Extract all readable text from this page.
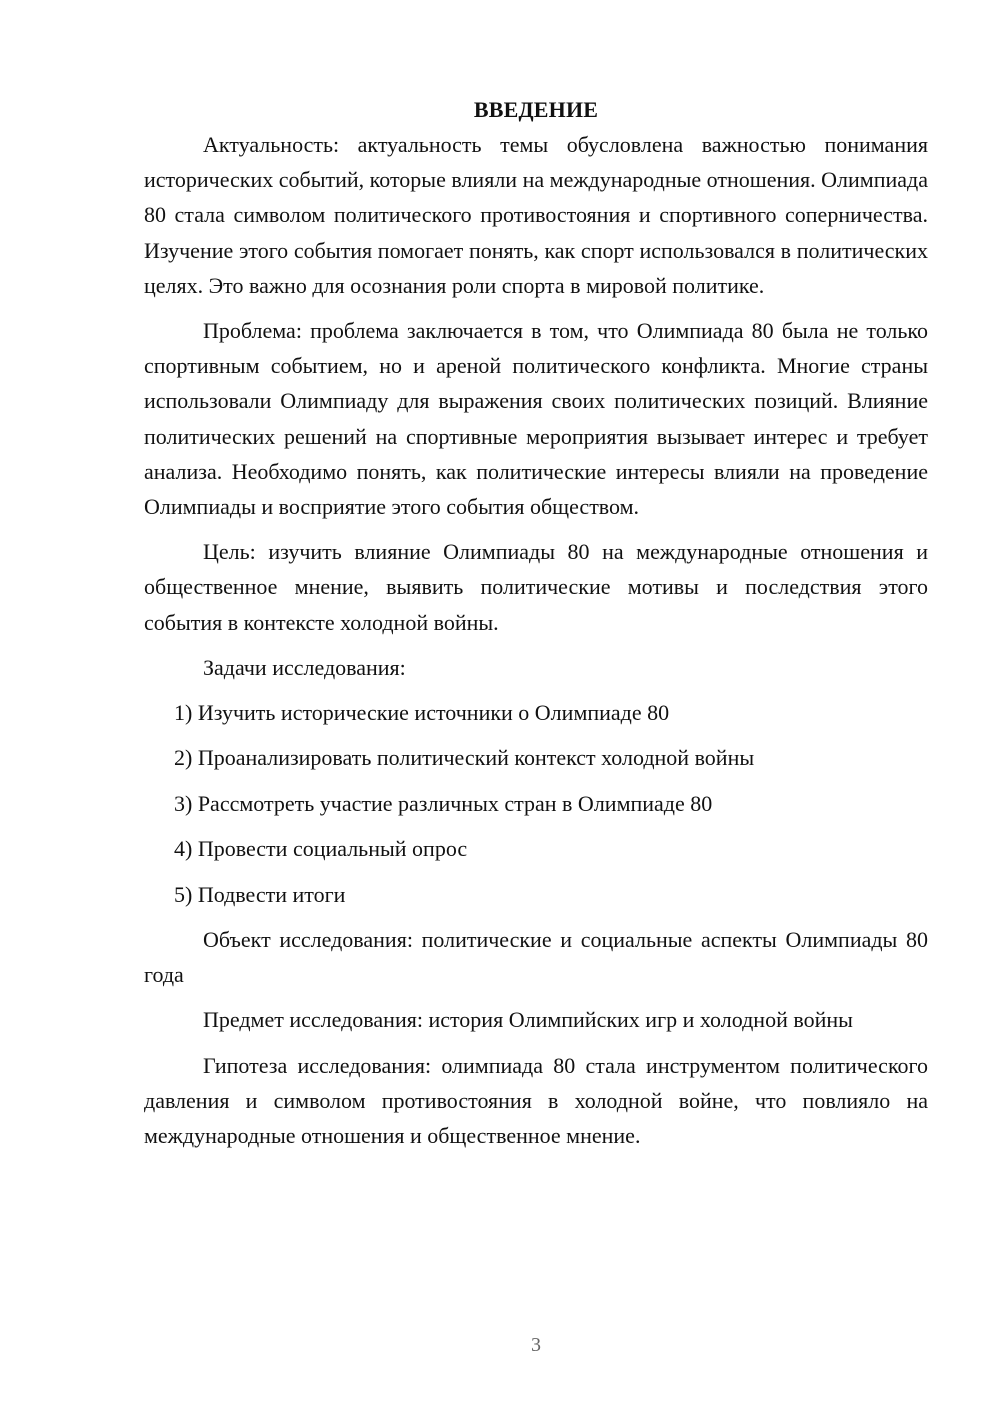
ВВЕДЕНИЕ

Актуальность: актуальность темы обусловлена важностью понимания исторических событий, которые влияли на международные отношения. Олимпиада 80 стала символом политического противостояния и спортивного соперничества. Изучение этого события помогает понять, как спорт использовался в политических целях. Это важно для осознания роли спорта в мировой политике.

Проблема: проблема заключается в том, что Олимпиада 80 была не только спортивным событием, но и ареной политического конфликта. Многие страны использовали Олимпиаду для выражения своих политических позиций. Влияние политических решений на спортивные мероприятия вызывает интерес и требует анализа. Необходимо понять, как политические интересы влияли на проведение Олимпиады и восприятие этого события обществом.

Цель: изучить влияние Олимпиады 80 на международные отношения и общественное мнение, выявить политические мотивы и последствия этого события в контексте холодной войны.

Задачи исследования:

1) Изучить исторические источники о Олимпиаде 80
2) Проанализировать политический контекст холодной войны
3) Рассмотреть участие различных стран в Олимпиаде 80
4) Провести социальный опрос
5) Подвести итоги

Объект исследования: политические и социальные аспекты Олимпиады 80 года

Предмет исследования: история Олимпийских игр и холодной войны

Гипотеза исследования: олимпиада 80 стала инструментом политического давления и символом противостояния в холодной войне, что повлияло на международные отношения и общественное мнение.

3
